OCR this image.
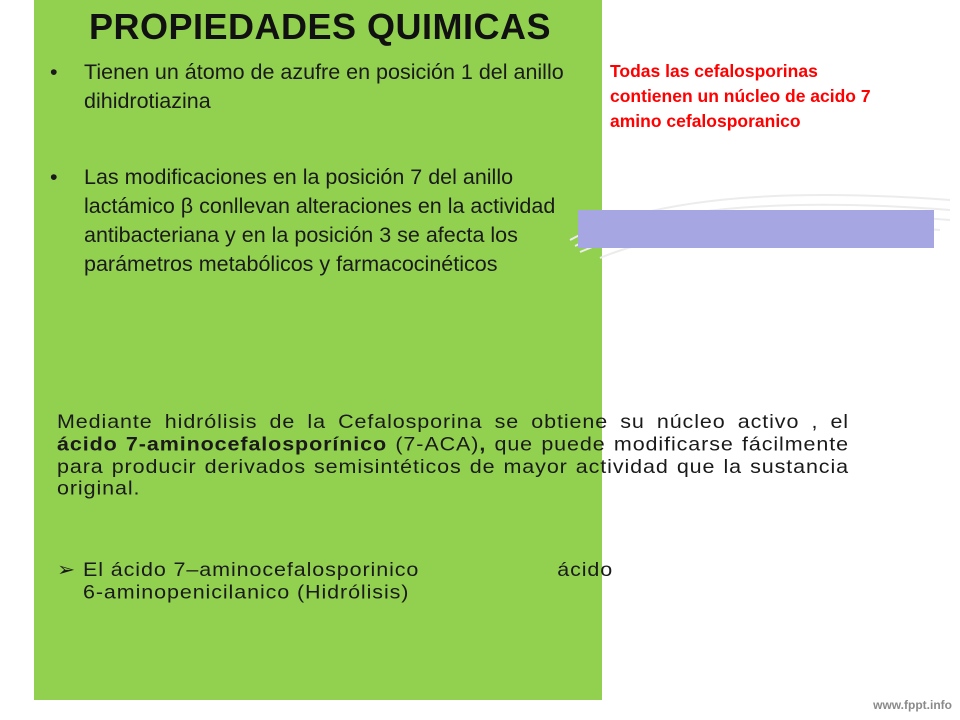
PROPIEDADES QUIMICAS
• Tienen un átomo de azufre en posición 1 del anillo dihidrotiazina
• Las modificaciones en la posición 7 del anillo lactámico β conllevan alteraciones en la actividad antibacteriana y en la posición 3 se afecta los parámetros metabólicos y farmacocinéticos
Todas las cefalosporinas contienen un núcleo de acido 7 amino cefalosporanico
Mediante hidrólisis de la Cefalosporina se obtiene su núcleo activo , el ácido 7-aminocefalosporínico (7-ACA), que puede modificarse fácilmente para producir derivados semisintéticos de mayor actividad que la sustancia original.
➢ El ácido 7–aminocefalosporinico	ácido
6-aminopenicilanico (Hidrólisis)
www.fppt.info
